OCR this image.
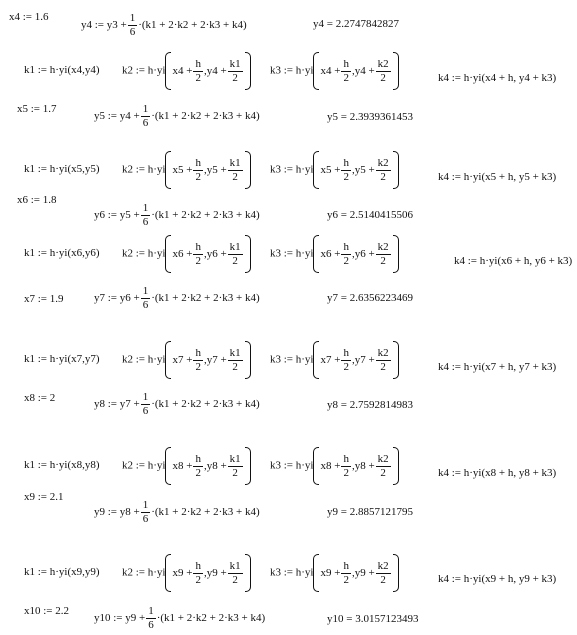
x4 := 1.6
y4 := $y3 + \frac{1}{6} \cdot(k1 + 2\cdot k2 + 2\cdot k3 + k4)$	y4 = 2.2747842827
k1 := h·yi(x4,y4) k2 := h·yi $x4 + \frac{h}{2} ,y4 + \frac{k1}{2} k3$ := h·yi $x4 + \frac{h}{2} ,y4 + \frac{k2}{2}$	k4 := h·yi(x4 + h, y4 + k3)
x5 := 1.7
y5 := $y4 + \frac{1}{6} \cdot(k1 + 2\cdot k2 + 2\cdot k3 + k4)$	y5 = 2.3939361453
k1 := h·yi(x5,y5) k2 := h·yi $x5 + \frac{h}{2} ,y5 + \frac{k1}{2} k3$ := h·yi $x5 + \frac{h}{2} ,y5 + \frac{k2}{2}$	k4 := h·yi(x5 + h, y5 + k3)
x6 := 1.8
y6 := $y5 + \frac{1}{6} \cdot(k1 + 2\cdot k2 + 2\cdot k3 + k4)$	y6 = 2.5140415506
k1 := h·yi(x6,y6) k2 := h·yi $x6 + \frac{h}{2} ,y6 + \frac{k1}{2} k3$ := h·yi $x6 + \frac{h}{2} ,y6 + \frac{k2}{2}$	k4 := h·yi(x6 + h, y6 + k3)
x7 := 1.9	y7 := $y6 + \frac{1}{6} \cdot(k1 + 2\cdot k2 + 2\cdot k3 + k4)$	y7 = 2.6356223469
k1 := h·yi(x7,y7) k2 := h·yi $x7 + \frac{h}{2} ,y7 + \frac{k1}{2} k3$ := h·yi $x7 + \frac{h}{2} ,y7 + \frac{k2}{2}$	k4 := h·yi(x7 + h, y7 + k3)
x8 := 2
y8 := $y7 + \frac{1}{6} \cdot(k1 + 2\cdot k2 + 2\cdot k3 + k4)$	y8 = 2.7592814983
k1 := h·yi(x8,y8) k2 := h·yi $x8 + \frac{h}{2} ,y8 + \frac{k1}{2} k3$ := h·yi $x8 + \frac{h}{2} ,y8 + \frac{k2}{2}$	k4 := h·yi(x8 + h, y8 + k3)
x9 := 2.1
y9 := $y8 + \frac{1}{6} \cdot(k1 + 2\cdot k2 + 2\cdot k3 + k4)$	y9 = 2.8857121795
k1 := h·yi(x9,y9) k2 := h·yi $x9 + \frac{h}{2} ,y9 + \frac{k1}{2} k3$ := h·yi $x9 + \frac{h}{2} ,y9 + \frac{k2}{2}$	k4 := h·yi(x9 + h, y9 + k3)
x10 := 2.2
y10 := $y9 + \frac{1}{6} \cdot(k1 + 2\cdot k2 + 2\cdot k3 + k4)$	y10 = 3.0157123493
